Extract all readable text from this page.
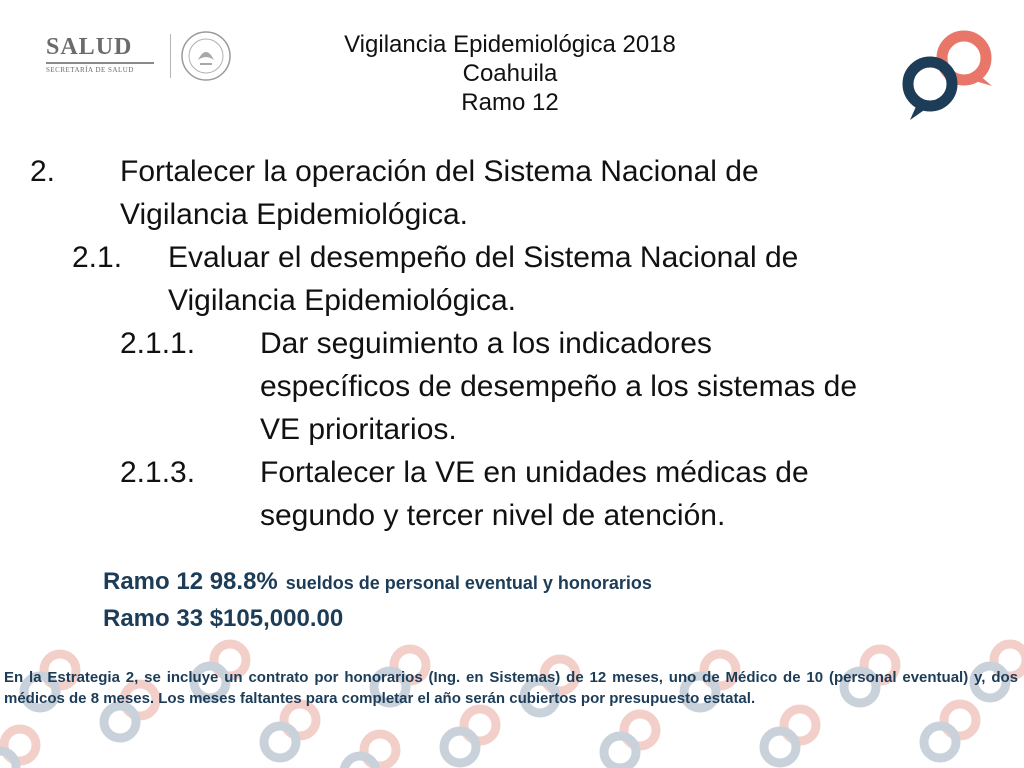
SALUD
SECRETARÍA DE SALUD
Vigilancia Epidemiológica 2018
Coahuila
Ramo 12
2. Fortalecer la operación del Sistema Nacional de
Vigilancia Epidemiológica.
2.1. Evaluar el desempeño del Sistema Nacional de
Vigilancia Epidemiológica.
2.1.1. Dar seguimiento a los indicadores
específicos de desempeño a los sistemas de
VE prioritarios.
2.1.3. Fortalecer la VE en unidades médicas de
segundo y tercer nivel de atención.
Ramo 12 98.8% sueldos de personal eventual y honorarios
Ramo 33 $105,000.00
En la Estrategia 2, se incluye un contrato por honorarios (Ing. en Sistemas) de 12 meses, uno de Médico de 10 (personal eventual) y, dos médicos de 8 meses. Los meses faltantes para completar el año serán cubiertos por presupuesto estatal.
